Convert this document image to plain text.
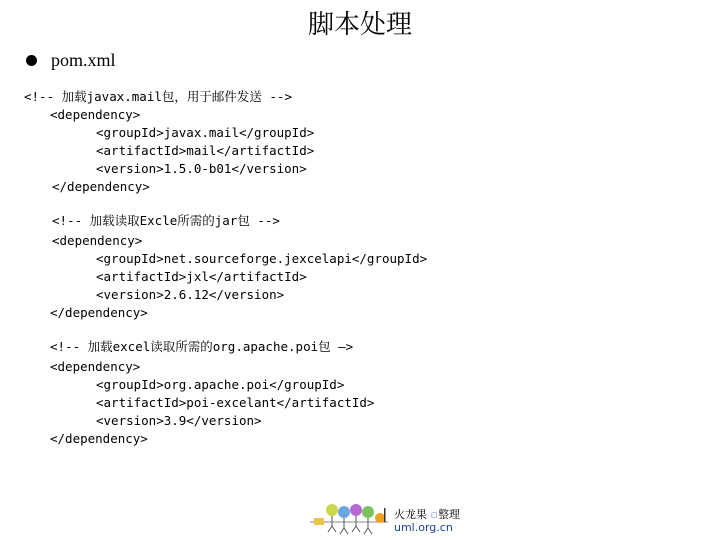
脚本处理
pom.xml
<!-- 加载javax.mail包，用于邮件发送 -->
<dependency>
<groupId>javax.mail</groupId>
<artifactId>mail</artifactId>
<version>1.5.0-b01</version>
</dependency>
<!-- 加载读取Excle所需的jar包 -->
<dependency>
<groupId>net.sourceforge.jexcelapi</groupId>
<artifactId>jxl</artifactId>
<version>2.6.12</version>
</dependency>
<!-- 加载excel读取所需的org.apache.poi包 —>
<dependency>
<groupId>org.apache.poi</groupId>
<artifactId>poi-excelant</artifactId>
<version>3.9</version>
</dependency>
火龙果 ▫整理
uml.org.cn
